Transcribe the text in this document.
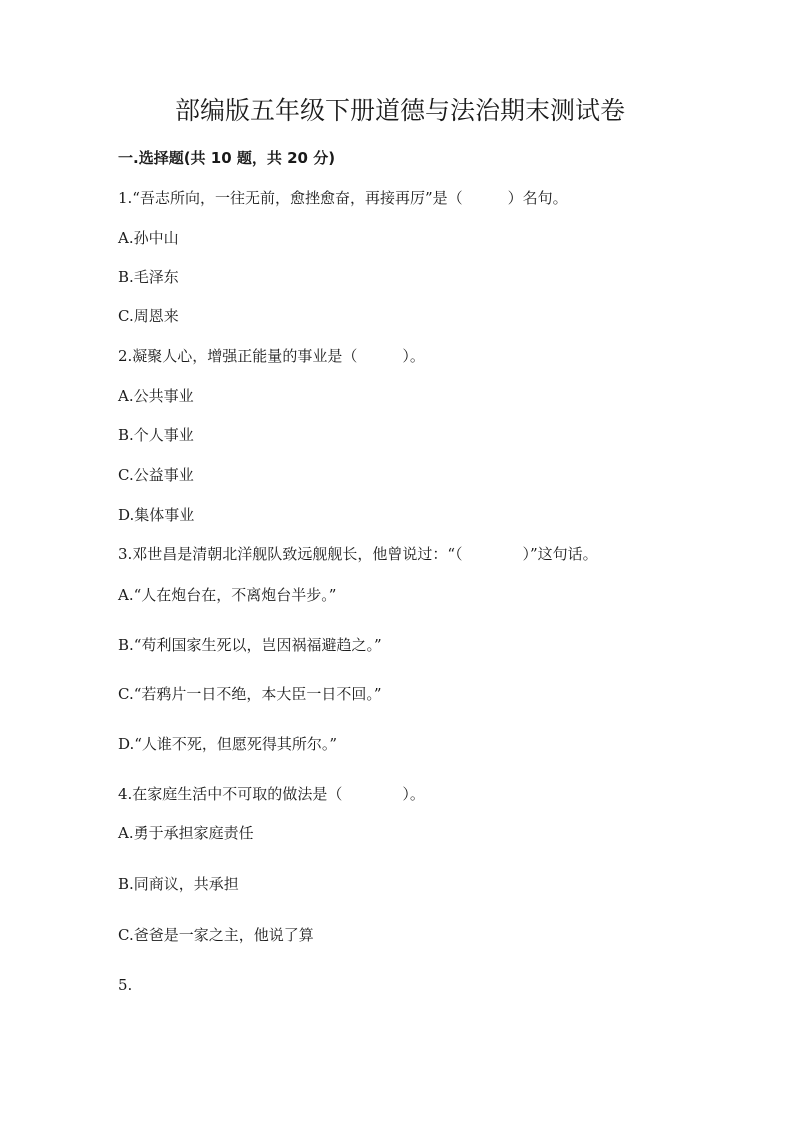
部编版五年级下册道德与法治期末测试卷
一.选择题(共 10 题，共 20 分)
1.“吾志所向，一往无前，愈挫愈奋，再接再厉”是（　　　）名句。
A.孙中山
B.毛泽东
C.周恩来
2.凝聚人心，增强正能量的事业是（　　　）。
A.公共事业
B.个人事业
C.公益事业
D.集体事业
3.邓世昌是清朝北洋舰队致远舰舰长，他曾说过：“（　　　　）”这句话。
A.“人在炮台在，不离炮台半步。”
B.“苟利国家生死以，岂因祸福避趋之。”
C.“若鸦片一日不绝，本大臣一日不回。”
D.“人谁不死，但愿死得其所尔。”
4.在家庭生活中不可取的做法是（　　　　）。
A.勇于承担家庭责任
B.同商议，共承担
C.爸爸是一家之主，他说了算
5.
